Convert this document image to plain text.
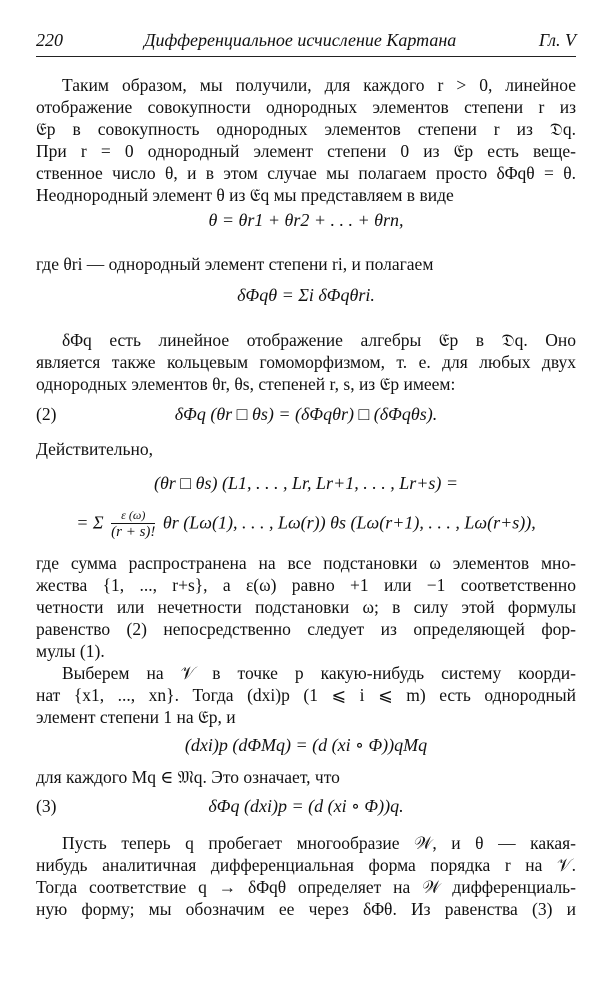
220	Дифференциальное исчисление Картана	Гл. V
Таким образом, мы получили, для каждого r > 0, линейное
отображение совокупности однородных элементов степени r из
𝔈p в совокупность однородных элементов степени r из 𝔇q.
При r = 0 однородный элемент степени 0 из 𝔈p есть веще-
ственное число θ, и в этом случае мы полагаем просто δΦqθ = θ.
Неоднородный элемент θ из 𝔈q мы представляем в виде
θ = θr1 + θr2 + . . . + θrn,
где θri — однородный элемент степени ri, и полагаем
δΦqθ = Σi δΦqθri.
δΦq есть линейное отображение алгебры 𝔈p в 𝔇q. Оно
является также кольцевым гомоморфизмом, т. е. для любых двух
однородных элементов θr, θs, степеней r, s, из 𝔈p имеем:
(2)	δΦq (θr □ θs) = (δΦqθr) □ (δΦqθs).
Действительно,
(θr □ θs) (L1, . . . , Lr, Lr+1, . . . , Lr+s) =
= Σ $\frac{\varepsilon (\omega)}{(r + s)!}$ θr (Lω(1), . . . , Lω(r)) θs (Lω(r+1), . . . , Lω(r+s)),
где сумма распространена на все подстановки ω элементов мно-
жества {1, ..., r+s}, а ε(ω) равно +1 или −1 соответственно
четности или нечетности подстановки ω; в силу этой формулы
равенство (2) непосредственно следует из определяющей фор-
мулы (1).
Выберем на 𝒱 в точке p какую-нибудь систему коорди-
нат {x1, ..., xn}. Тогда (dxi)p (1 ⩽ i ⩽ m) есть однородный
элемент степени 1 на 𝔈p, и
(dxi)p (dΦMq) = (d (xi ∘ Φ))qMq
для каждого Mq ∈ 𝔐q. Это означает, что
(3)	δΦq (dxi)p = (d (xi ∘ Φ))q.
Пусть теперь q пробегает многообразие 𝒲, и θ — какая-
нибудь аналитичная дифференциальная форма порядка r на 𝒱.
Тогда соответствие q → δΦqθ определяет на 𝒲 дифференциаль-
ную форму; мы обозначим ее через δΦθ. Из равенства (3) и
